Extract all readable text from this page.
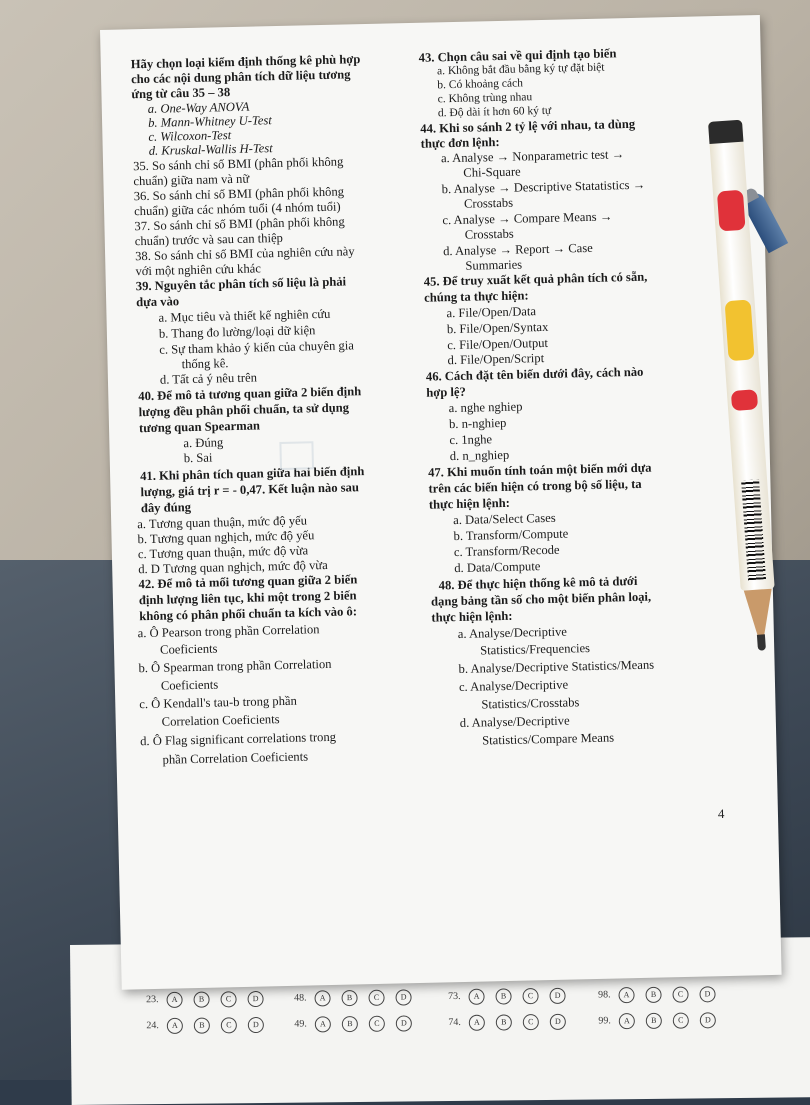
23.	A	B	C	D	48.	A	B	C	D	73.	A	B	C	D	98.	A	B	C	D
24.	A	B	C	D	49.	A	B	C	D	74.	A	B	C	D	99.	A	B	C	D
Hãy chọn loại kiểm định thống kê phù hợp
cho các nội dung phân tích dữ liệu tương
ứng từ câu 35 – 38
a. One-Way ANOVA
b. Mann-Whitney U-Test
c. Wilcoxon-Test
d. Kruskal-Wallis H-Test
35. So sánh chỉ số BMI (phân phối không
chuẩn) giữa nam và nữ
36. So sánh chỉ số BMI (phân phối không
chuẩn) giữa các nhóm tuổi (4 nhóm tuổi)
37. So sánh chỉ số BMI (phân phối không
chuẩn) trước và sau can thiệp
38. So sánh chỉ số BMI của nghiên cứu này
với một nghiên cứu khác
39. Nguyên tắc phân tích số liệu là phải
dựa vào
a. Mục tiêu và thiết kế nghiên cứu
b. Thang đo lường/loại dữ kiện
c. Sự tham khảo ý kiến của chuyên gia
thống kê.
d. Tất cả ý nêu trên
40. Để mô tả tương quan giữa 2 biến định
lượng đều phân phối chuẩn, ta sử dụng
tương quan Spearman
a. Đúng
b. Sai
41. Khi phân tích quan giữa hai biến định
lượng, giá trị r = - 0,47. Kết luận nào sau
đây đúng
a. Tương quan thuận, mức độ yếu
b. Tương quan nghịch, mức độ yếu
c. Tương quan thuận, mức độ vừa
d. D Tương quan nghịch, mức độ vừa
42. Để mô tả mối tương quan giữa 2 biến
định lượng liên tục, khi một trong 2 biến
không có phân phối chuẩn ta kích vào ô:
a. Ô Pearson trong phần Correlation
Coeficients
b. Ô Spearman trong phần Correlation
Coeficients
c. Ô Kendall's tau-b trong phần
Correlation Coeficients
d. Ô Flag significant correlations trong
phần Correlation Coeficients
43. Chọn câu sai về qui định tạo biến
a. Không bắt đầu bằng ký tự đặt biệt
b. Có khoảng cách
c. Không trùng nhau
d. Độ dài ít hơn 60 ký tự
44. Khi so sánh 2 tỷ lệ với nhau, ta dùng
thực đơn lệnh:
a. Analyse → Nonparametric test →
Chi-Square
b. Analyse → Descriptive Statatistics →
Crosstabs
c. Analyse → Compare Means →
Crosstabs
d. Analyse → Report → Case
Summaries
45. Để truy xuất kết quả phân tích có sẵn,
chúng ta thực hiện:
a. File/Open/Data
b. File/Open/Syntax
c. File/Open/Output
d. File/Open/Script
46. Cách đặt tên biến dưới đây, cách nào
hợp lệ?
a. nghe nghiep
b. n-nghiep
c. 1nghe
d. n_nghiep
47. Khi muốn tính toán một biến mới dựa
trên các biến hiện có trong bộ số liệu, ta
thực hiện lệnh:
a. Data/Select Cases
b. Transform/Compute
c. Transform/Recode
d. Data/Compute
48. Để thực hiện thống kê mô tả dưới
dạng bảng tần số cho một biến phân loại,
thực hiện lệnh:
a. Analyse/Decriptive
Statistics/Frequencies
b. Analyse/Decriptive Statistics/Means
c. Analyse/Decriptive
Statistics/Crosstabs
d. Analyse/Decriptive
Statistics/Compare Means
4
